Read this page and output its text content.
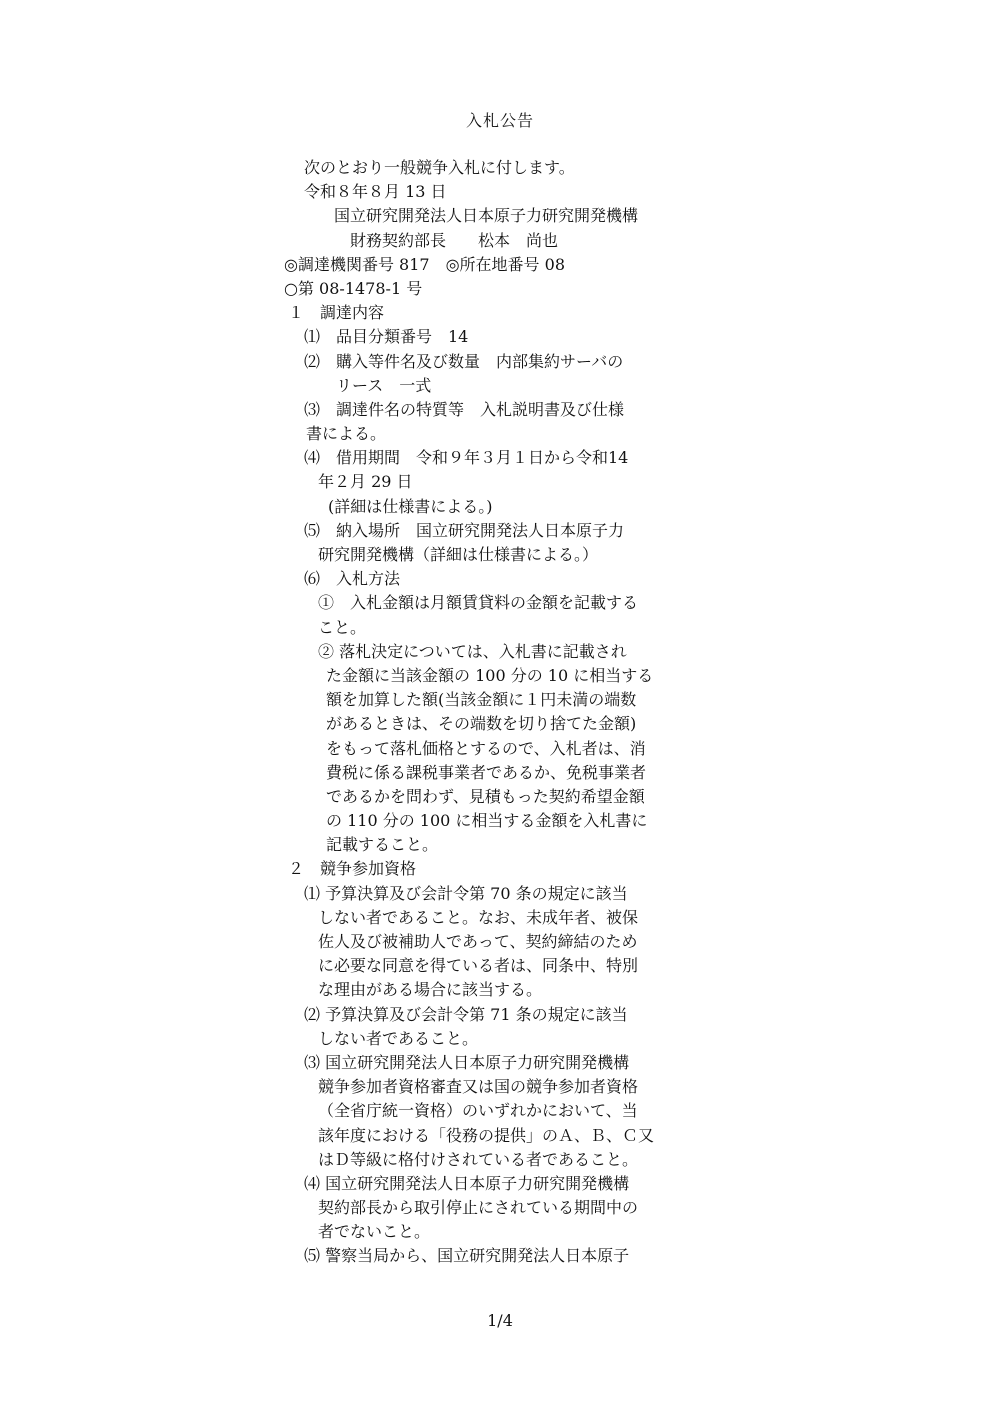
入札公告
次のとおり一般競争入札に付します。
令和８年８月 13 日
国立研究開発法人日本原子力研究開発機構
財務契約部長　　松本　尚也
◎調達機関番号 817　◎所在地番号 08
○第 08-1478-1 号
１　調達内容
⑴　品目分類番号　14
⑵　購入等件名及び数量　内部集約サーバの
リース　一式
⑶　調達件名の特質等　入札説明書及び仕様
書による。
⑷　借用期間　令和９年３月１日から令和14
年２月 29 日
(詳細は仕様書による。)
⑸　納入場所　国立研究開発法人日本原子力
研究開発機構（詳細は仕様書による。）
⑹　入札方法
①　入札金額は月額賃貸料の金額を記載する
こと。
② 落札決定については、入札書に記載され
た金額に当該金額の 100 分の 10 に相当する
額を加算した額(当該金額に１円未満の端数
があるときは、その端数を切り捨てた金額)
をもって落札価格とするので、入札者は、消
費税に係る課税事業者であるか、免税事業者
であるかを問わず、見積もった契約希望金額
の 110 分の 100 に相当する金額を入札書に
記載すること。
２　競争参加資格
⑴ 予算決算及び会計令第 70 条の規定に該当
しない者であること。なお、未成年者、被保
佐人及び被補助人であって、契約締結のため
に必要な同意を得ている者は、同条中、特別
な理由がある場合に該当する。
⑵ 予算決算及び会計令第 71 条の規定に該当
しない者であること。
⑶ 国立研究開発法人日本原子力研究開発機構
競争参加者資格審査又は国の競争参加者資格
（全省庁統一資格）のいずれかにおいて、当
該年度における「役務の提供」のＡ、Ｂ、Ｃ又
はＤ等級に格付けされている者であること。
⑷ 国立研究開発法人日本原子力研究開発機構
契約部長から取引停止にされている期間中の
者でないこと。
⑸ 警察当局から、国立研究開発法人日本原子
1/4
